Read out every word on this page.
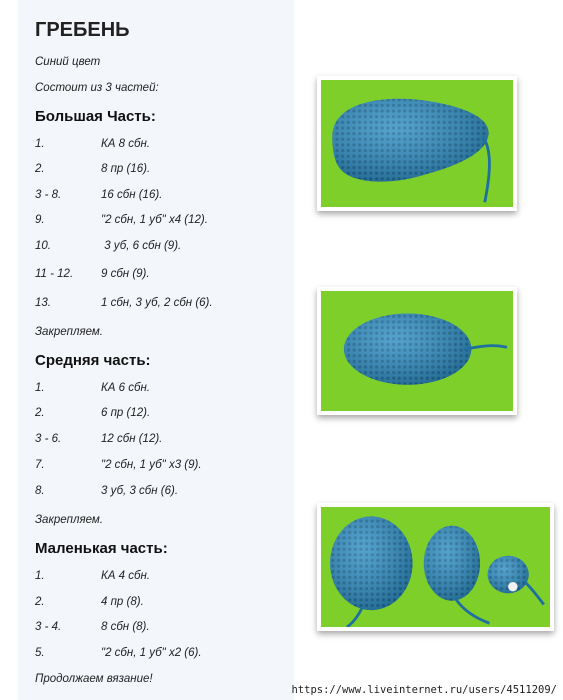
ГРЕБЕНЬ
Синий цвет
Состоит из 3 частей:
Большая Часть:
1.	КА 8 сбн.
2.	8 пр (16).
3 - 8.	16 сбн (16).
9.	"2 сбн, 1 уб" x4 (12).
10.	3 уб, 6 сбн (9).
11 - 12. 9 сбн (9).
13.	1 сбн, 3 уб, 2 сбн (6).
Закрепляем.
Средняя часть:
1.	КА 6 сбн.
2.	6 пр (12).
3 - 6.	12 сбн (12).
7.	"2 сбн, 1 уб" x3 (9).
8.	3 уб, 3 сбн (6).
Закрепляем.
Маленькая часть:
1.	КА 4 сбн.
2.	4 пр (8).
3 - 4.	8 сбн (8).
5.	"2 сбн, 1 уб" x2 (6).
Продолжаем вязание!
https://www.liveinternet.ru/users/4511209/
